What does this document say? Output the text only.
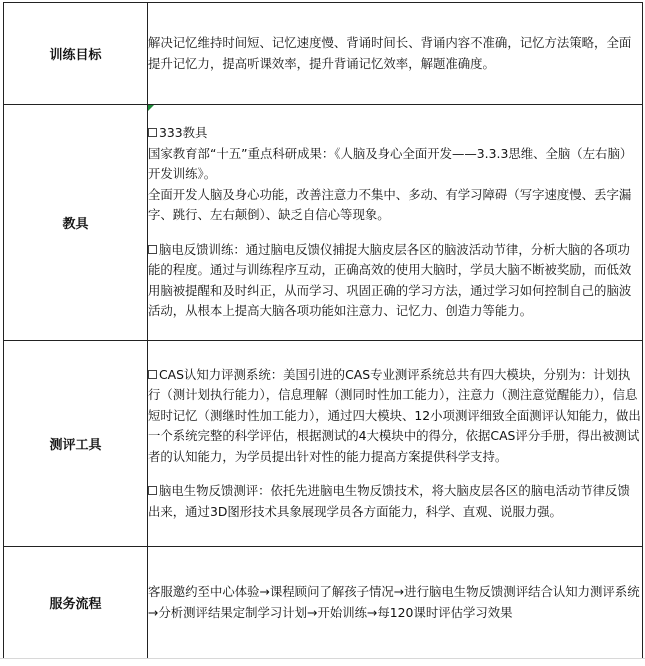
训练目标	解决记忆维持时间短、记忆速度慢、背诵时间长、背诵内容不准确，记忆方法策略，全面提升记忆力，提高听课效率，提升背诵记忆效率，解题准确度。

教具	333教具

国家教育部“十五”重点科研成果：《人脑及身心全面开发——3.3.3思维、全脑（左右脑）开发训练》。

全面开发人脑及身心功能，改善注意力不集中、多动、有学习障碍（写字速度慢、丢字漏字、跳行、左右颠倒）、缺乏自信心等现象。

脑电反馈训练：通过脑电反馈仪捕捉大脑皮层各区的脑波活动节律，分析大脑的各项功能的程度。通过与训练程序互动，正确高效的使用大脑时，学员大脑不断被奖励，而低效用脑被提醒和及时纠正，从而学习、巩固正确的学习方法，通过学习如何控制自己的脑波活动，从根本上提高大脑各项功能如注意力、记忆力、创造力等能力。

测评工具	CAS认知力评测系统：美国引进的CAS专业测评系统总共有四大模块，分别为：计划执行（测计划执行能力），信息理解（测同时性加工能力），注意力（测注意觉醒能力），信息短时记忆（测继时性加工能力），通过四大模块、12小项测评细致全面测评认知能力，做出一个系统完整的科学评估，根据测试的4大模块中的得分，依据CAS评分手册，得出被测试者的认知能力，为学员提出针对性的能力提高方案提供科学支持。

脑电生物反馈测评：依托先进脑电生物反馈技术，将大脑皮层各区的脑电活动节律反馈出来，通过3D图形技术具象展现学员各方面能力，科学、直观、说服力强。

服务流程	客服邀约至中心体验→课程顾问了解孩子情况→进行脑电生物反馈测评结合认知力测评系统→分析测评结果定制学习计划→开始训练→每120课时评估学习效果
